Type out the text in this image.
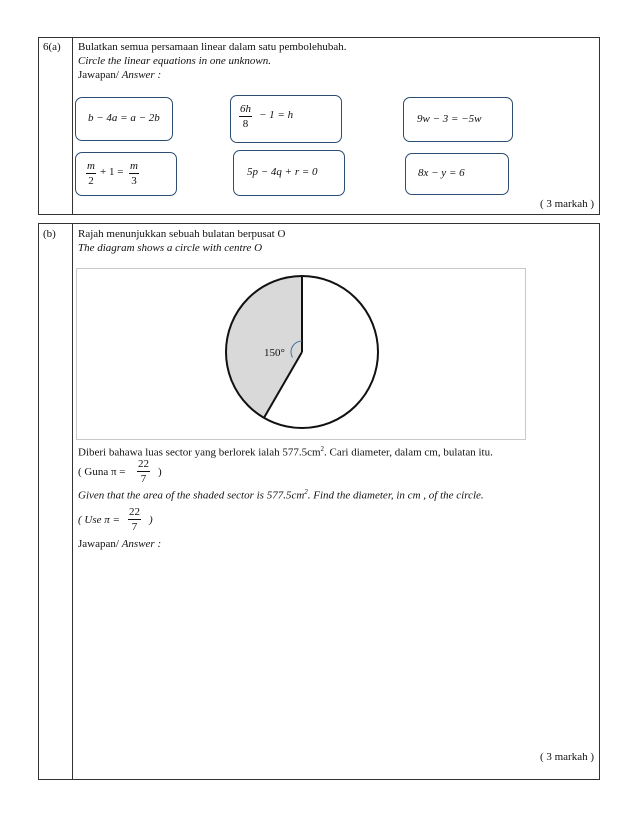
6(a) Bulatkan semua persamaan linear dalam satu pembolehubah.
Circle the linear equations in one unknown.
Jawapan/ Answer :
b − 4a = a − 2b	$\frac{6h}{8} - 1 = h$	9w − 3 = −5w
$\frac{m}{2} + 1 = \frac{m}{3}$	5p − 4q + r = 0	8x − y = 6
( 3 markah )
(b) Rajah menunjukkan sebuah bulatan berpusat O
The diagram shows a circle with centre O
150°
Diberi bahawa luas sector yang berlorek ialah $577.5cm^2$. Cari diameter, dalam cm, bulatan itu.
( Guna $\pi = \frac{22}{7}$ )
Given that the area of the shaded sector is $577.5cm^2$. Find the diameter, in cm , of the circle.
( Use $\pi = \frac{22}{7}$ )
Jawapan/ Answer :
( 3 markah )
